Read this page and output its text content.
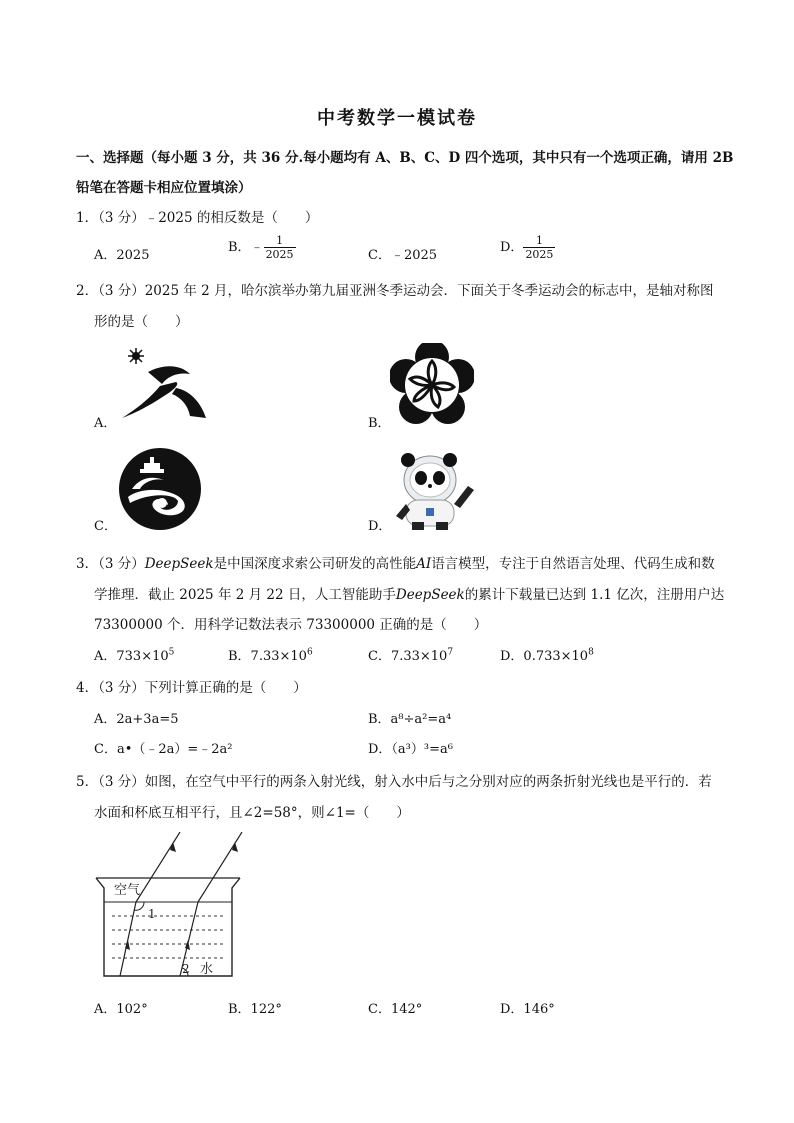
中考数学一模试卷
一、选择题（每小题 3 分，共 36 分.每小题均有 A、B、C、D 四个选项，其中只有一个选项正确，请用 2B
铅笔在答题卡相应位置填涂）
1．（3 分）﹣2025 的相反数是（　　）
A．2025
B．﹣ $\frac{1}{2025}$	C．﹣2025
D． $\frac{1}{2025}$
2．（3 分）2025 年 2 月，哈尔滨举办第九届亚洲冬季运动会．下面关于冬季运动会的标志中，是轴对称图
形的是（　　）
A．	B．
C．	D．
3．（3 分）DeepSeek是中国深度求索公司研发的高性能AI语言模型，专注于自然语言处理、代码生成和数
学推理．截止 2025 年 2 月 22 日，人工智能助手DeepSeek的累计下载量已达到 1.1 亿次，注册用户达
73300000 个．用科学记数法表示 73300000 正确的是（　　）
A．$733\times 10^5$	B．$7.33\times 10^6$	C．$7.33\times 10^7$	D．$0.733\times 10^8$
4．（3 分）下列计算正确的是（　　）
A．2a+3a=5	B．a⁸÷a²=a⁴
C．a•（﹣2a）=﹣2a²	D．（a³）³=a⁶
5．（3 分）如图，在空气中平行的两条入射光线，射入水中后与之分别对应的两条折射光线也是平行的．若
水面和杯底互相平行，且∠2=58°，则∠1=（　　）
空气
1
2 水
A．102°	B．122°	C．142°	D．146°
